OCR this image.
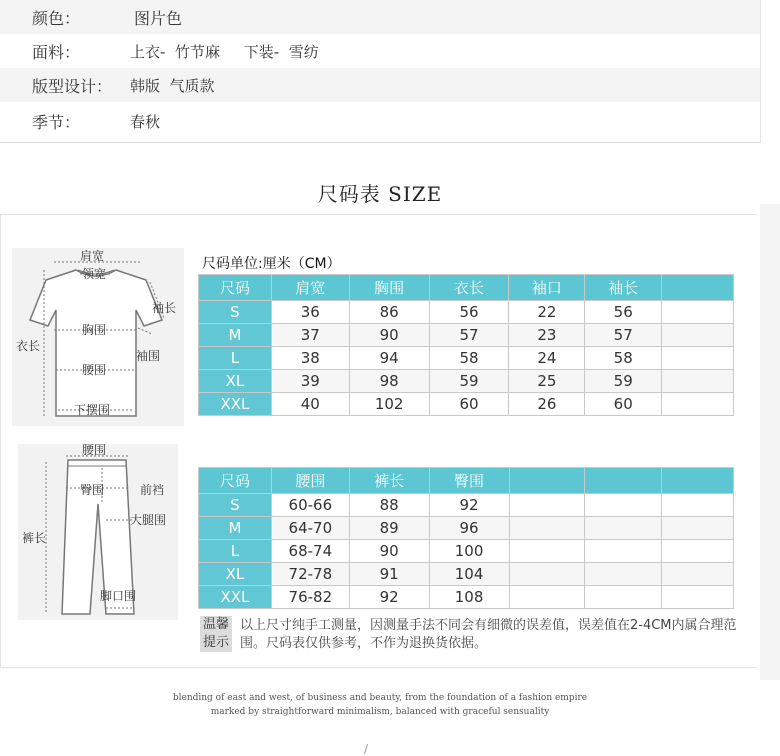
颜色：	图片色
面料：	上衣-  竹节麻     下装-  雪纺
版型设计： 韩版  气质款
季节：	春秋
尺码表 SIZE
肩宽
领宽
袖长
衣长
胸围
袖围
腰围
下摆围
腰围
臀围	前裆
大腿围
裤长
脚口围
尺码单位:厘米（CM）
尺码	肩宽	胸围	衣长	袖口	袖长	
S	36	86	56	22	56	
M	37	90	57	23	57	
L	38	94	58	24	58	
XL	39	98	59	25	59	
XXL	40	102	60	26	60	
尺码	腰围	裤长	臀围			
S	60-66	88	92			
M	64-70	89	96			
L	68-74	90	100			
XL	72-78	91	104			
XXL	76-82	92	108			
温馨提示
以上尺寸纯手工测量，因测量手法不同会有细微的误差值，误差值在2-4CM内属合理范围。尺码表仅供参考，不作为退换货依据。
blending of east and west, of business and beauty, from the foundation of a fashion empire
marked by straightforward minimalism, balanced with graceful sensuality
/
